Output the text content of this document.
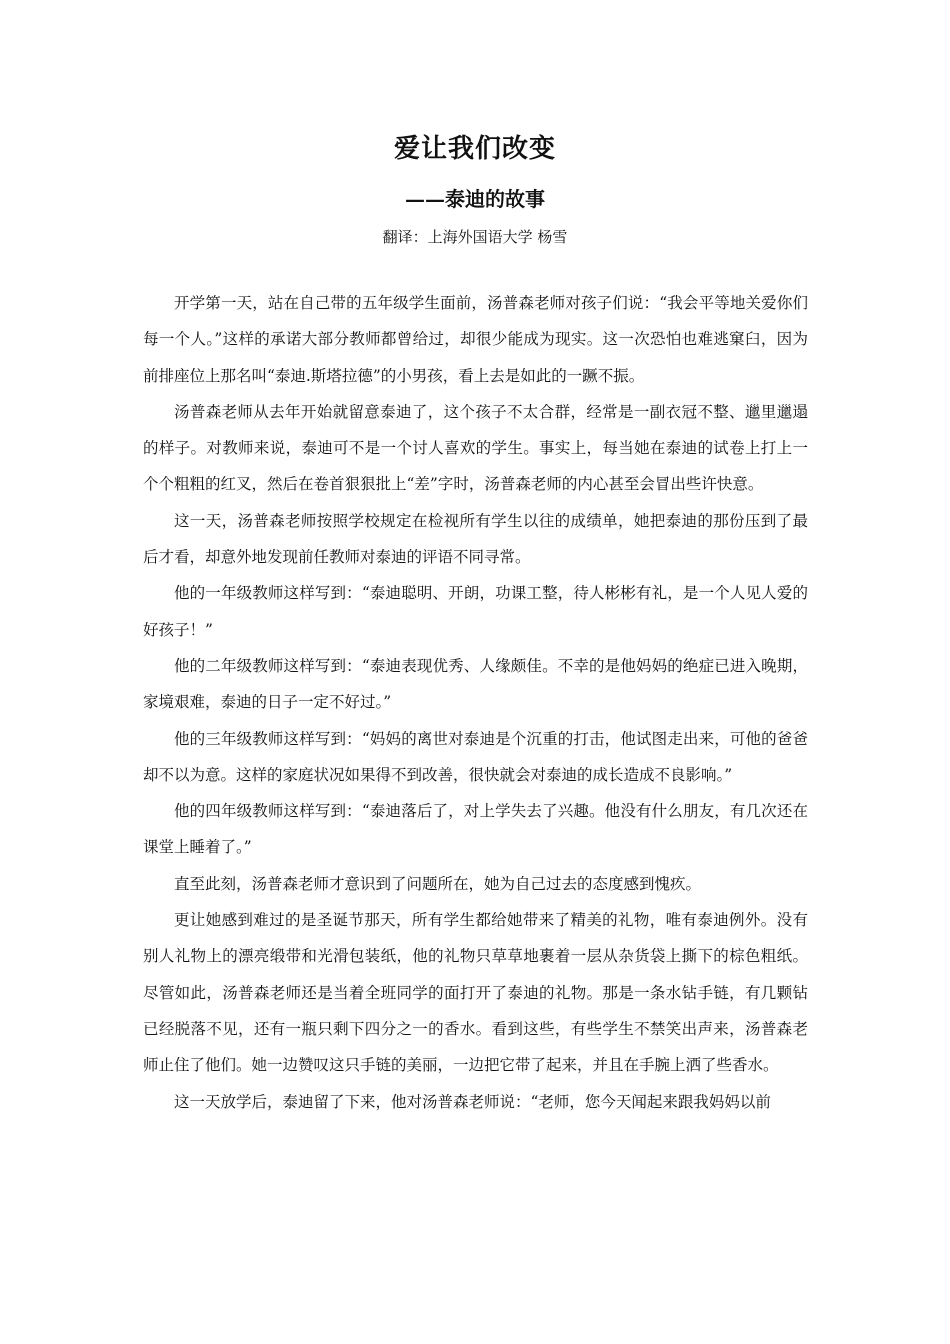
爱让我们改变
——泰迪的故事
翻译：上海外国语大学 杨雪

开学第一天，站在自己带的五年级学生面前，汤普森老师对孩子们说：“我会平等地关爱你们每一个人。”这样的承诺大部分教师都曾给过，却很少能成为现实。这一次恐怕也难逃窠臼，因为前排座位上那名叫“泰迪.斯塔拉德”的小男孩，看上去是如此的一蹶不振。

汤普森老师从去年开始就留意泰迪了，这个孩子不太合群，经常是一副衣冠不整、邋里邋遢的样子。对教师来说，泰迪可不是一个讨人喜欢的学生。事实上，每当她在泰迪的试卷上打上一个个粗粗的红叉，然后在卷首狠狠批上“差”字时，汤普森老师的内心甚至会冒出些许快意。

这一天，汤普森老师按照学校规定在检视所有学生以往的成绩单，她把泰迪的那份压到了最后才看，却意外地发现前任教师对泰迪的评语不同寻常。

他的一年级教师这样写到：“泰迪聪明、开朗，功课工整，待人彬彬有礼，是一个人见人爱的好孩子！”

他的二年级教师这样写到：“泰迪表现优秀、人缘颇佳。不幸的是他妈妈的绝症已进入晚期，家境艰难，泰迪的日子一定不好过。”

他的三年级教师这样写到：“妈妈的离世对泰迪是个沉重的打击，他试图走出来，可他的爸爸却不以为意。这样的家庭状况如果得不到改善，很快就会对泰迪的成长造成不良影响。”

他的四年级教师这样写到：“泰迪落后了，对上学失去了兴趣。他没有什么朋友，有几次还在课堂上睡着了。”

直至此刻，汤普森老师才意识到了问题所在，她为自己过去的态度感到愧疚。

更让她感到难过的是圣诞节那天，所有学生都给她带来了精美的礼物，唯有泰迪例外。没有别人礼物上的漂亮缎带和光滑包装纸，他的礼物只草草地裹着一层从杂货袋上撕下的棕色粗纸。尽管如此，汤普森老师还是当着全班同学的面打开了泰迪的礼物。那是一条水钻手链，有几颗钻已经脱落不见，还有一瓶只剩下四分之一的香水。看到这些，有些学生不禁笑出声来，汤普森老师止住了他们。她一边赞叹这只手链的美丽，一边把它带了起来，并且在手腕上洒了些香水。

这一天放学后，泰迪留了下来，他对汤普森老师说：“老师，您今天闻起来跟我妈妈以前
